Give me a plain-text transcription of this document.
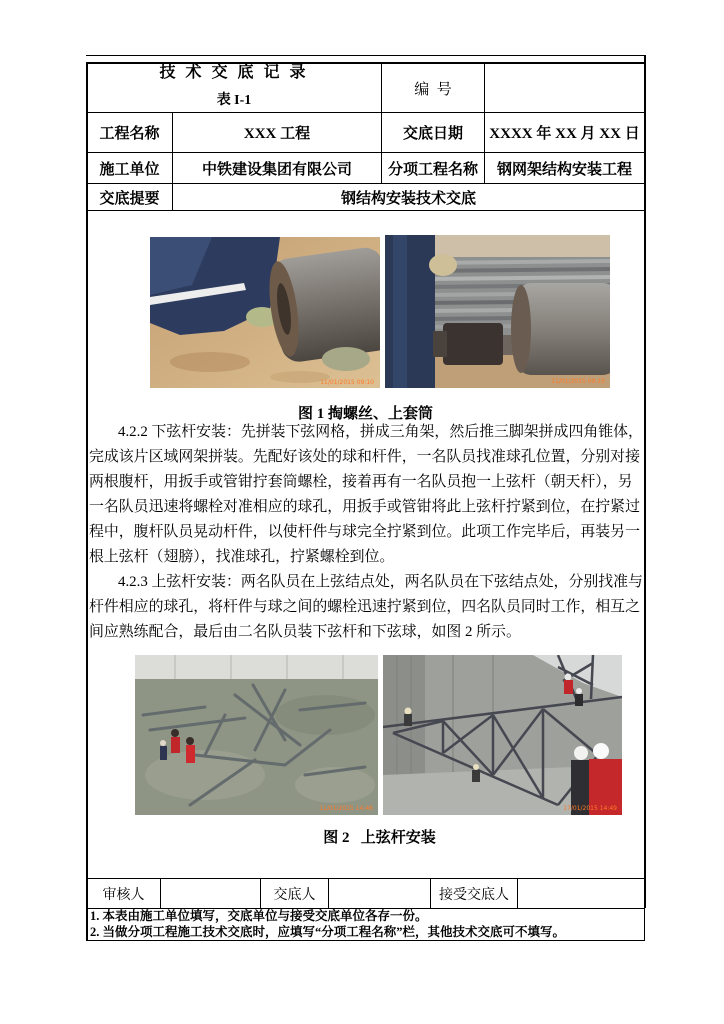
技 术 交 底 记 录
表 I-1
编  号
工程名称	XXX 工程	交底日期	XXXX 年 XX 月 XX 日
施工单位	中铁建设集团有限公司	分项工程名称	钢网架结构安装工程
交底提要	钢结构安装技术交底
11/01/2015 09:10	11/01/2015 09:15
图 1 掏螺丝、上套筒
4.2.2 下弦杆安装：先拼装下弦网格，拼成三角架，然后推三脚架拼成四角锥体，
完成该片区域网架拼装。先配好该处的球和杆件，一名队员找准球孔位置，分别对接
两根腹杆，用扳手或管钳拧套筒螺栓，接着再有一名队员抱一上弦杆（朝天杆），另
一名队员迅速将螺栓对准相应的球孔，用扳手或管钳将此上弦杆拧紧到位，在拧紧过
程中，腹杆队员晃动杆件，以使杆件与球完全拧紧到位。此项工作完毕后，再装另一
根上弦杆（翅膀），找准球孔，拧紧螺栓到位。
4.2.3 上弦杆安装：两名队员在上弦结点处，两名队员在下弦结点处，分别找准与
杆件相应的球孔，将杆件与球之间的螺栓迅速拧紧到位，四名队员同时工作，相互之
间应熟练配合，最后由二名队员装下弦杆和下弦球，如图 2 所示。
11/01/2015 14:46	17/01/2015 14:49
图 2   上弦杆安装
审核人	交底人	接受交底人
1. 本表由施工单位填写，交底单位与接受交底单位各存一份。
2. 当做分项工程施工技术交底时，应填写“分项工程名称”栏，其他技术交底可不填写。
